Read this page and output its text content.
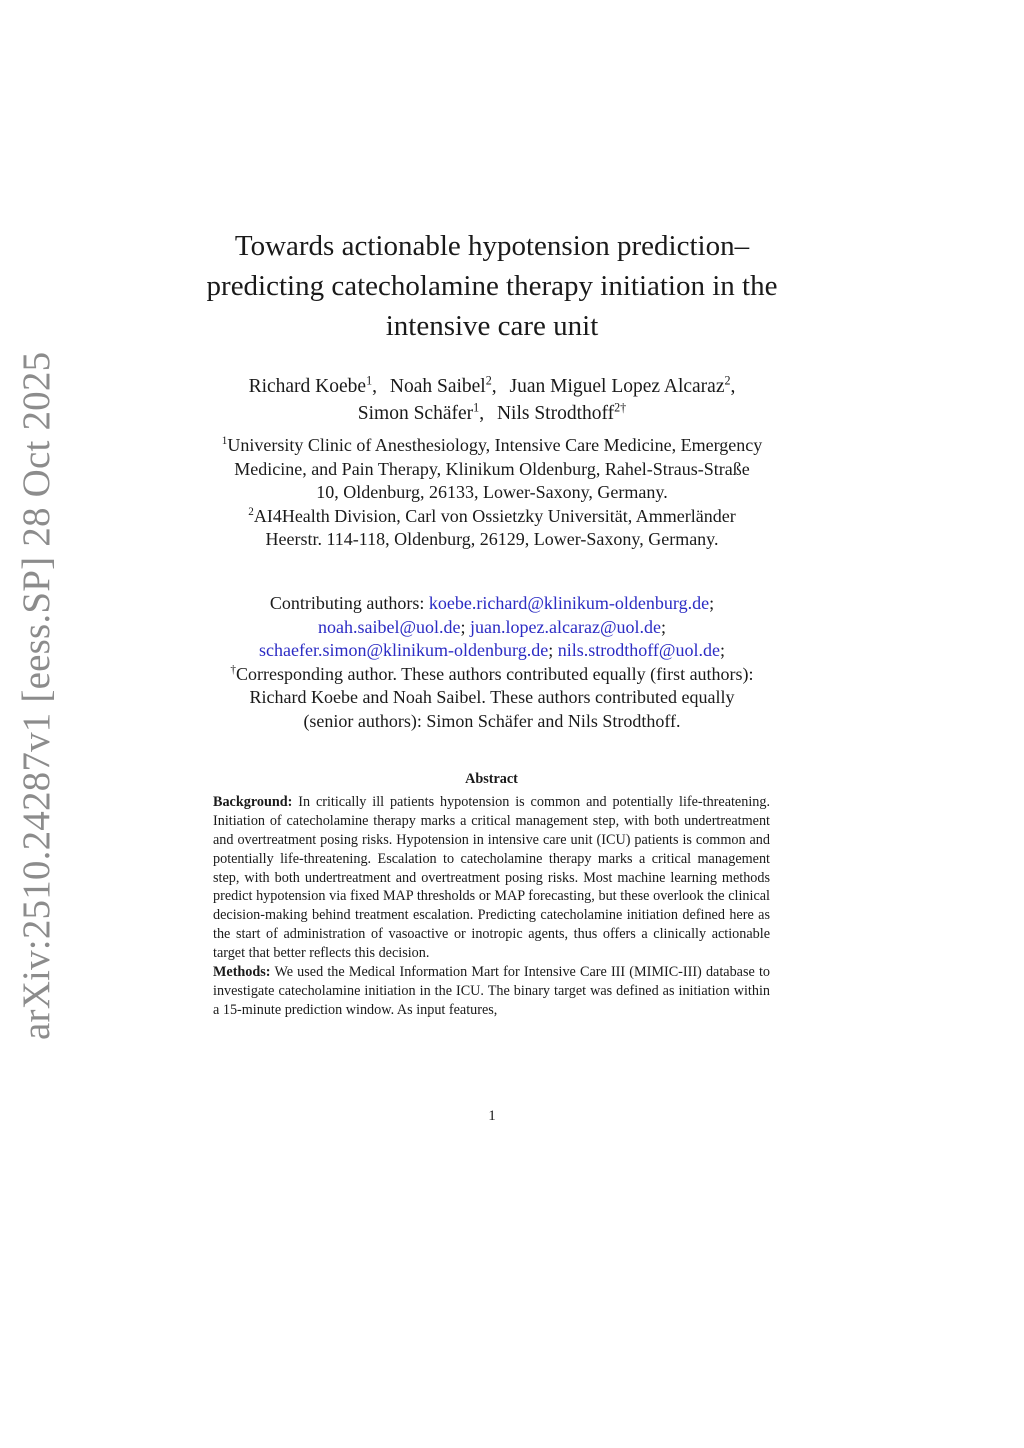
arXiv:2510.24287v1 [eess.SP] 28 Oct 2025
Towards actionable hypotension prediction–
predicting catecholamine therapy initiation in the
intensive care unit
Richard Koebe$^1$, Noah Saibel$^2$, Juan Miguel Lopez Alcaraz$^2$,
Simon Schäfer$^1$, Nils Strodthoff$^{2\dagger}$
$^1$University Clinic of Anesthesiology, Intensive Care Medicine, Emergency
Medicine, and Pain Therapy, Klinikum Oldenburg, Rahel-Straus-Straße
10, Oldenburg, 26133, Lower-Saxony, Germany.
$^2$AI4Health Division, Carl von Ossietzky Universität, Ammerländer
Heerstr. 114-118, Oldenburg, 26129, Lower-Saxony, Germany.
Contributing authors: koebe.richard@klinikum-oldenburg.de;
noah.saibel@uol.de; juan.lopez.alcaraz@uol.de;
schaefer.simon@klinikum-oldenburg.de; nils.strodthoff@uol.de;
†Corresponding author. These authors contributed equally (first authors):
Richard Koebe and Noah Saibel. These authors contributed equally
(senior authors): Simon Schäfer and Nils Strodthoff.
Abstract

Background: In critically ill patients hypotension is common and potentially life-threatening. Initiation of catecholamine therapy marks a critical management step, with both undertreatment and overtreatment posing risks. Hypotension in intensive care unit (ICU) patients is common and potentially life-threatening. Escalation to catecholamine therapy marks a critical management step, with both undertreatment and overtreatment posing risks. Most machine learning methods predict hypotension via fixed MAP thresholds or MAP forecasting, but these overlook the clinical decision-making behind treatment escalation. Predicting catecholamine initiation defined here as the start of administration of vasoactive or inotropic agents, thus offers a clinically actionable target that better reflects this decision.

Methods: We used the Medical Information Mart for Intensive Care III (MIMIC-III) database to investigate catecholamine initiation in the ICU. The binary target was defined as initiation within a 15-minute prediction window. As input features,

1
